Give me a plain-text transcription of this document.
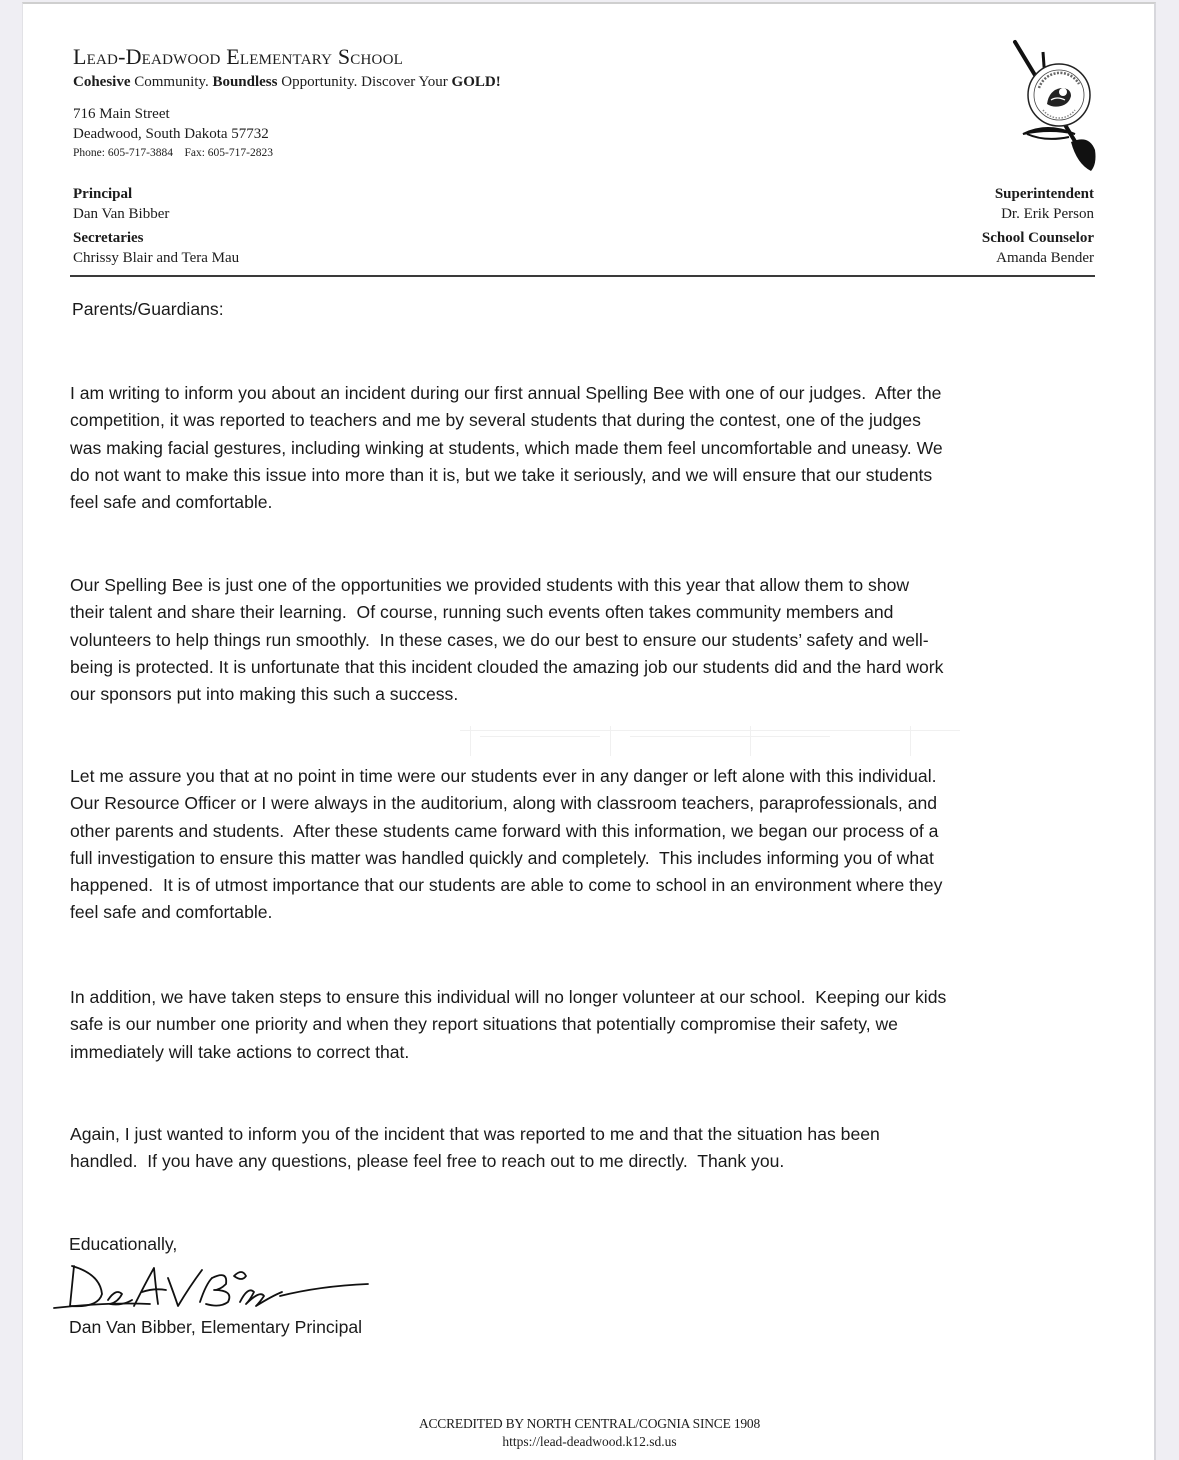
Lead-Deadwood Elementary School
Cohesive Community. Boundless Opportunity. Discover Your GOLD!
716 Main Street
Deadwood, South Dakota 57732
Phone: 605-717-3884    Fax: 605-717-2823
Principal
Dan Van Bibber
Secretaries
Chrissy Blair and Tera Mau
Superintendent
Dr. Erik Person
School Counselor
Amanda Bender
Parents/Guardians:
I am writing to inform you about an incident during our first annual Spelling Bee with one of our judges.  After the
competition, it was reported to teachers and me by several students that during the contest, one of the judges
was making facial gestures, including winking at students, which made them feel uncomfortable and uneasy. We
do not want to make this issue into more than it is, but we take it seriously, and we will ensure that our students
feel safe and comfortable.
Our Spelling Bee is just one of the opportunities we provided students with this year that allow them to show
their talent and share their learning.  Of course, running such events often takes community members and
volunteers to help things run smoothly.  In these cases, we do our best to ensure our students’ safety and well-
being is protected. It is unfortunate that this incident clouded the amazing job our students did and the hard work
our sponsors put into making this such a success.
Let me assure you that at no point in time were our students ever in any danger or left alone with this individual.
Our Resource Officer or I were always in the auditorium, along with classroom teachers, paraprofessionals, and
other parents and students.  After these students came forward with this information, we began our process of a
full investigation to ensure this matter was handled quickly and completely.  This includes informing you of what
happened.  It is of utmost importance that our students are able to come to school in an environment where they
feel safe and comfortable.
In addition, we have taken steps to ensure this individual will no longer volunteer at our school.  Keeping our kids
safe is our number one priority and when they report situations that potentially compromise their safety, we
immediately will take actions to correct that.
Again, I just wanted to inform you of the incident that was reported to me and that the situation has been
handled.  If you have any questions, please feel free to reach out to me directly.  Thank you.
Educationally,
Dan Van Bibber, Elementary Principal
ACCREDITED BY NORTH CENTRAL/COGNIA SINCE 1908
https://lead-deadwood.k12.sd.us
